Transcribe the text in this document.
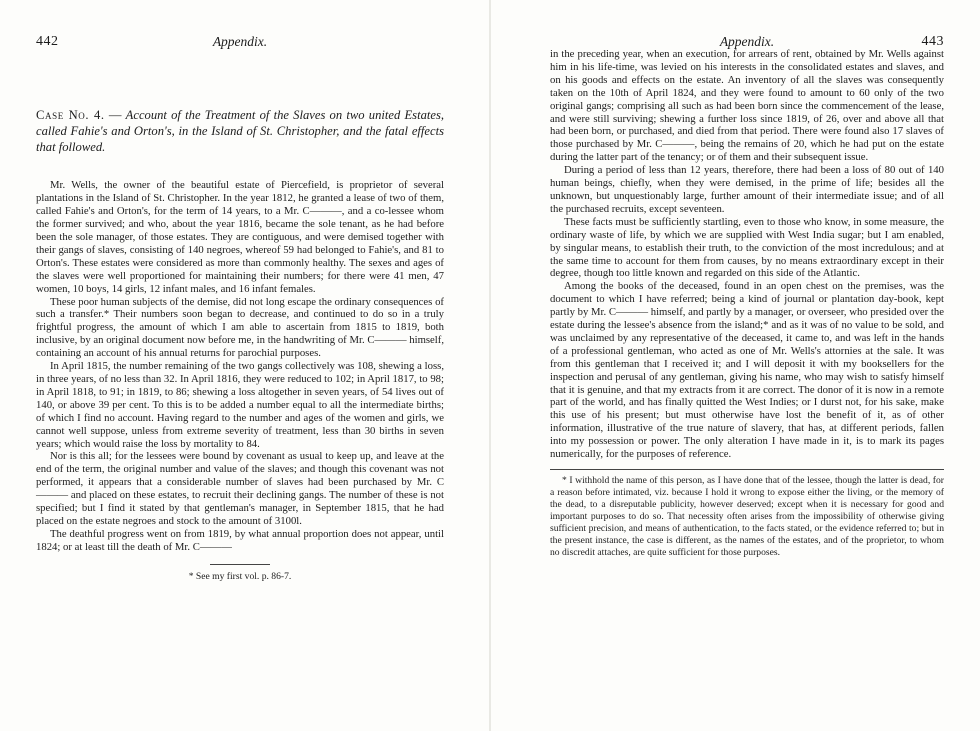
442	Appendix.
Case No. 4. — Account of the Treatment of the Slaves on two united Estates, called Fahie's and Orton's, in the Island of St. Christopher, and the fatal effects that followed.

Mr. Wells, the owner of the beautiful estate of Piercefield, is proprietor of several plantations in the Island of St. Christopher. In the year 1812, he granted a lease of two of them, called Fahie's and Orton's, for the term of 14 years, to a Mr. C———, and a co-lessee whom the former survived; and who, about the year 1816, became the sole tenant, as he had before been the sole manager, of those estates. They are contiguous, and were demised together with their gangs of slaves, consisting of 140 negroes, whereof 59 had belonged to Fahie's, and 81 to Orton's. These estates were considered as more than commonly healthy. The sexes and ages of the slaves were well proportioned for maintaining their numbers; for there were 41 men, 47 women, 10 boys, 14 girls, 12 infant males, and 16 infant females.

These poor human subjects of the demise, did not long escape the ordinary consequences of such a transfer.* Their numbers soon began to decrease, and continued to do so in a truly frightful progress, the amount of which I am able to ascertain from 1815 to 1819, both inclusive, by an original document now before me, in the handwriting of Mr. C——— himself, containing an account of his annual returns for parochial purposes.

In April 1815, the number remaining of the two gangs collectively was 108, shewing a loss, in three years, of no less than 32. In April 1816, they were reduced to 102; in April 1817, to 98; in April 1818, to 91; in 1819, to 86; shewing a loss altogether in seven years, of 54 lives out of 140, or above 39 per cent. To this is to be added a number equal to all the intermediate births; of which I find no account. Having regard to the number and ages of the women and girls, we cannot well suppose, unless from extreme severity of treatment, less than 30 births in seven years; which would raise the loss by mortality to 84.

Nor is this all; for the lessees were bound by covenant as usual to keep up, and leave at the end of the term, the original number and value of the slaves; and though this covenant was not performed, it appears that a considerable number of slaves had been purchased by Mr. C——— and placed on these estates, to recruit their declining gangs. The number of these is not specified; but I find it stated by that gentleman's manager, in September 1815, that he had placed on the estate negroes and stock to the amount of 3100l.

The deathful progress went on from 1819, by what annual proportion does not appear, until 1824; or at least till the death of Mr. C———

* See my first vol. p. 86-7.

Appendix.	443

in the preceding year, when an execution, for arrears of rent, obtained by Mr. Wells against him in his life-time, was levied on his interests in the consolidated estates and slaves, and on his goods and effects on the estate. An inventory of all the slaves was consequently taken on the 10th of April 1824, and they were found to amount to 60 only of the two original gangs; comprising all such as had been born since the commencement of the lease, and were still surviving; shewing a further loss since 1819, of 26, over and above all that had been born, or purchased, and died from that period. There were found also 17 slaves of those purchased by Mr. C———, being the remains of 20, which he had put on the estate during the latter part of the tenancy; or of them and their subsequent issue.

During a period of less than 12 years, therefore, there had been a loss of 80 out of 140 human beings, chiefly, when they were demised, in the prime of life; besides all the unknown, but unquestionably large, further amount of their intermediate issue; and of all the purchased recruits, except seventeen.

These facts must be sufficiently startling, even to those who know, in some measure, the ordinary waste of life, by which we are supplied with West India sugar; but I am enabled, by singular means, to establish their truth, to the conviction of the most incredulous; and at the same time to account for them from causes, by no means extraordinary except in their degree, though too little known and regarded on this side of the Atlantic.

Among the books of the deceased, found in an open chest on the premises, was the document to which I have referred; being a kind of journal or plantation day-book, kept partly by Mr. C——— himself, and partly by a manager, or overseer, who presided over the estate during the lessee's absence from the island;* and as it was of no value to be sold, and was unclaimed by any representative of the deceased, it came to, and was left in the hands of a professional gentleman, who acted as one of Mr. Wells's attornies at the sale. It was from this gentleman that I received it; and I will deposit it with my booksellers for the inspection and perusal of any gentleman, giving his name, who may wish to satisfy himself that it is genuine, and that my extracts from it are correct. The donor of it is now in a remote part of the world, and has finally quitted the West Indies; or I durst not, for his sake, make this use of his present; but must otherwise have lost the benefit of it, as of other information, illustrative of the true nature of slavery, that has, at different periods, fallen into my possession or power. The only alteration I have made in it, is to mark its pages numerically, for the purposes of reference.

* I withhold the name of this person, as I have done that of the lessee, though the latter is dead, for a reason before intimated, viz. because I hold it wrong to expose either the living, or the memory of the dead, to a disreputable publicity, however deserved; except when it is necessary for good and important purposes to do so. That necessity often arises from the impossibility of otherwise giving sufficient precision, and means of authentication, to the facts stated, or the evidence referred to; but in the present instance, the case is different, as the names of the estates, and of the proprietor, to whom no discredit attaches, are quite sufficient for those purposes.
